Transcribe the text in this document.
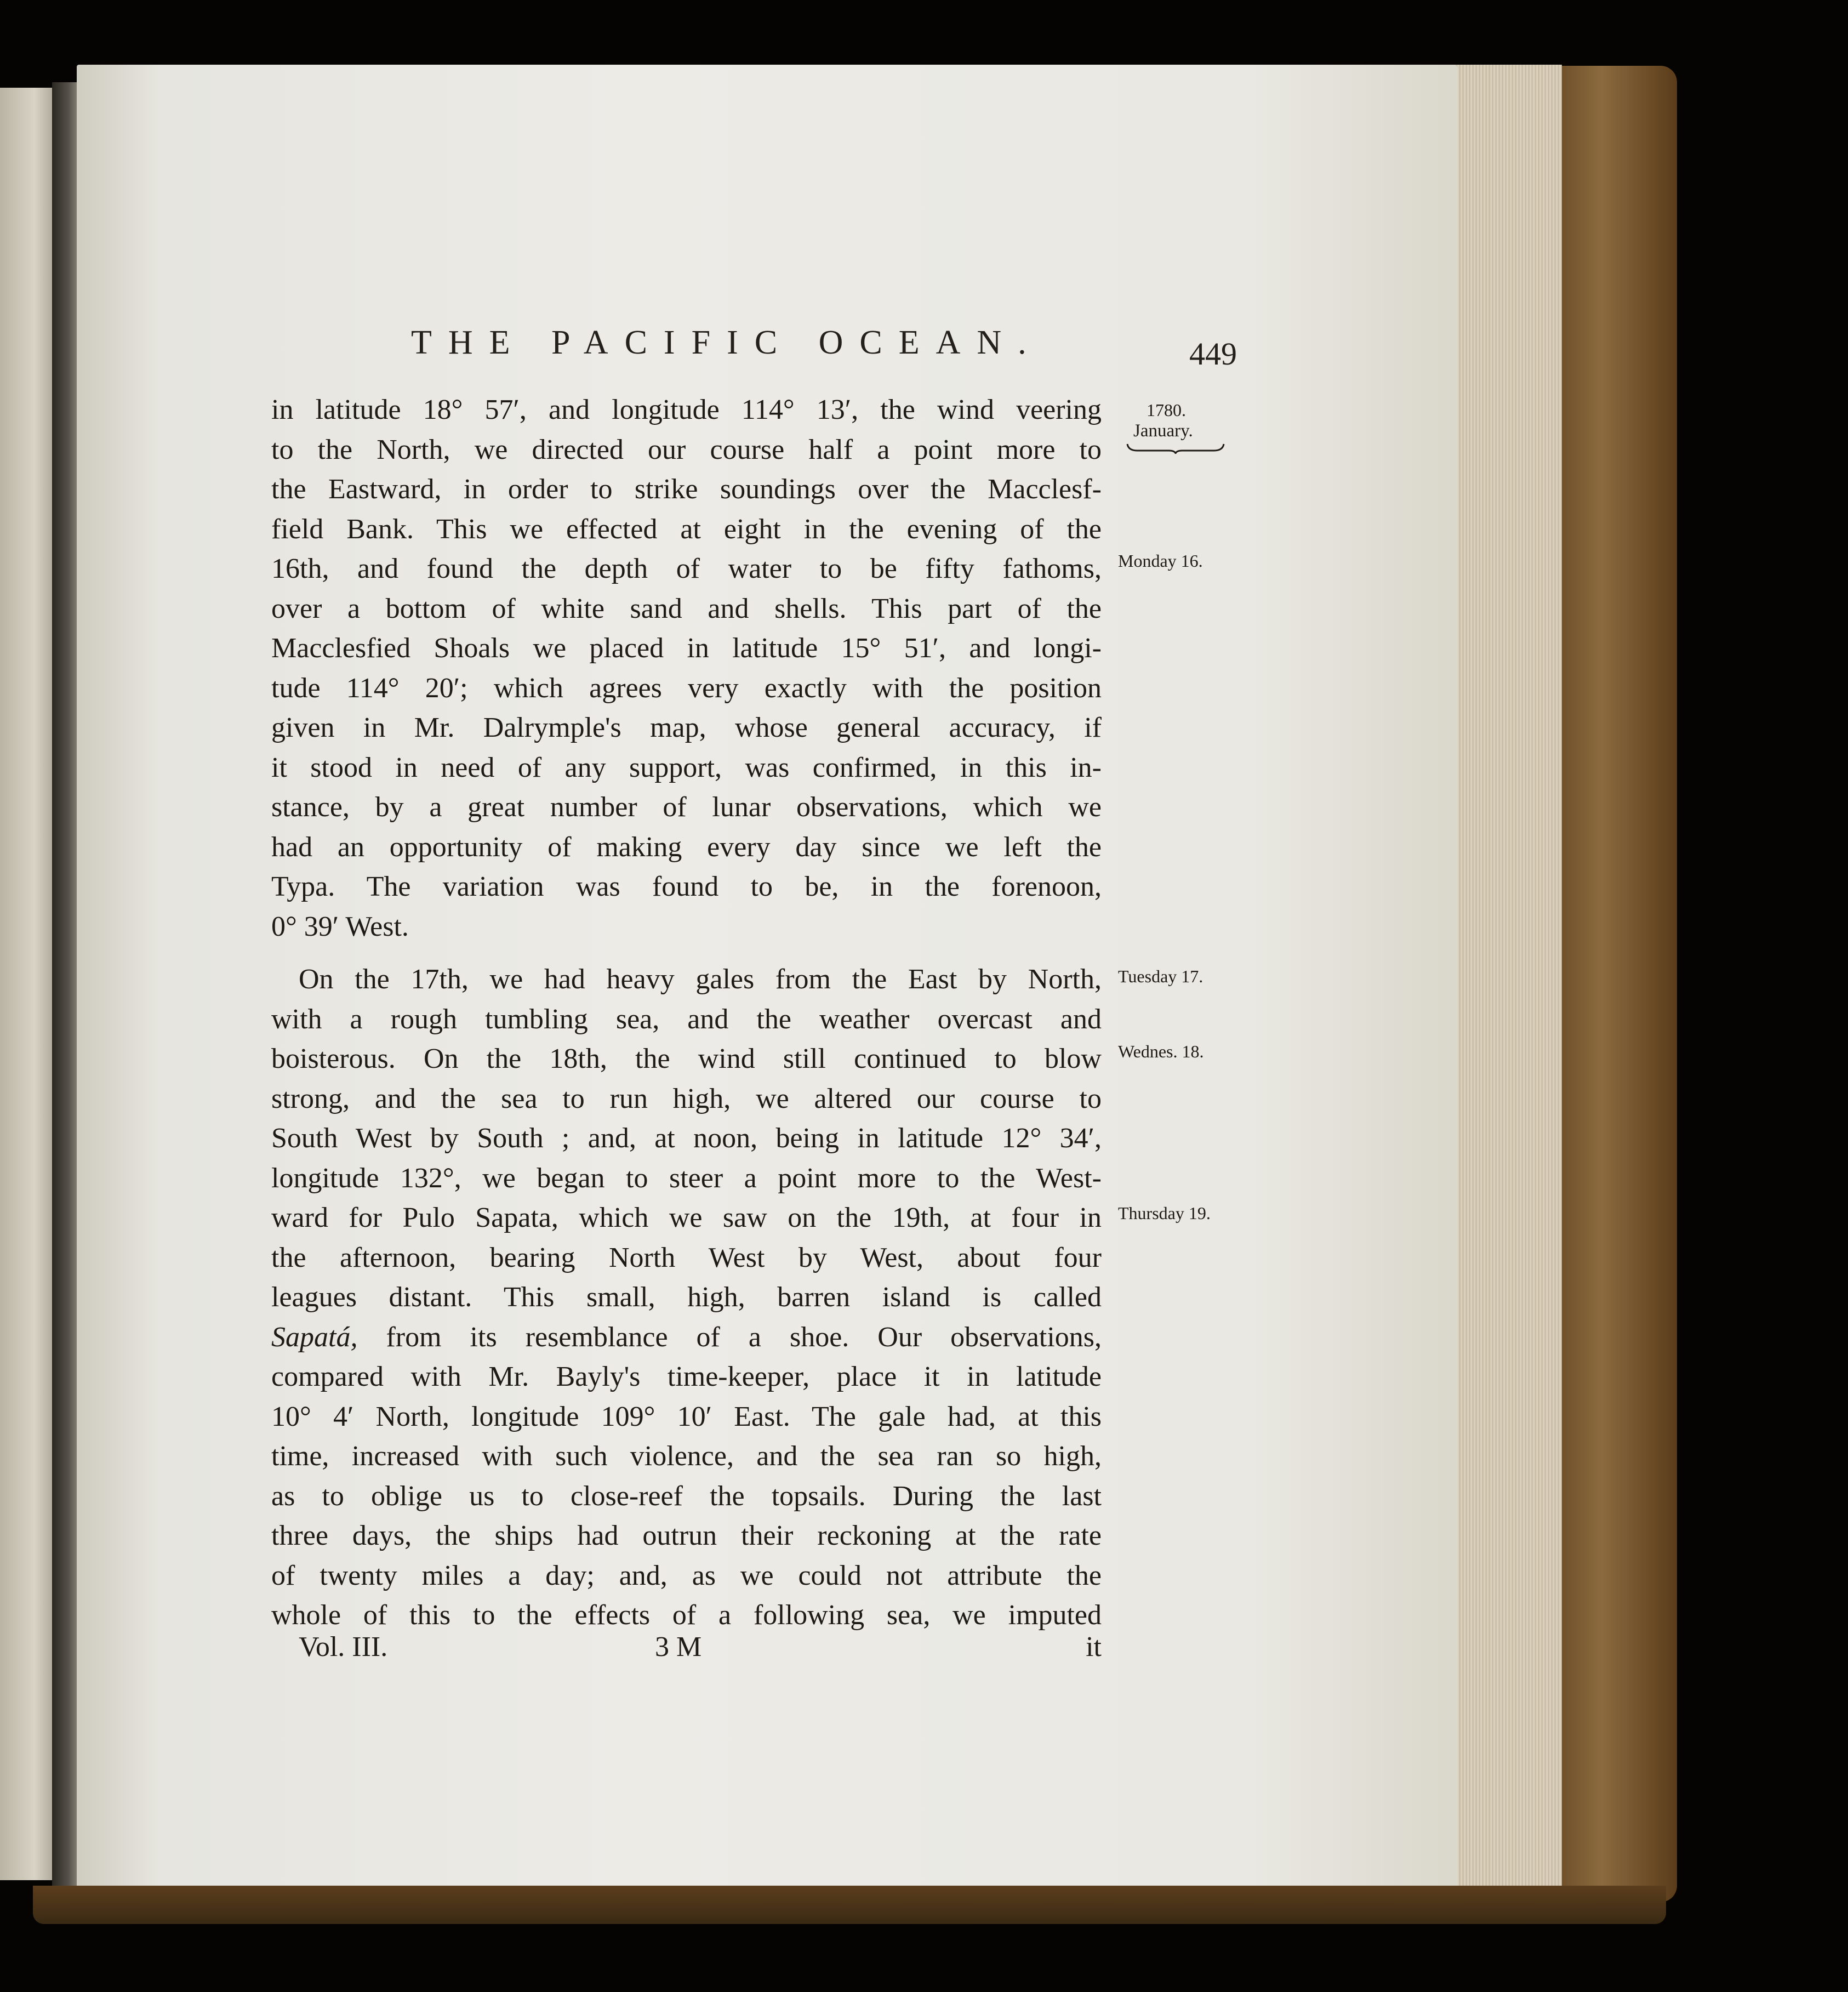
THE PACIFIC OCEAN.	449
1780.
January.
Monday 16.
Tuesday 17.
Wednes. 18.
Thursday 19.
in latitude 18° 57′, and longitude 114° 13′, the wind veering
to the North, we directed our course half a point more to
the Eastward, in order to strike soundings over the Macclesf-
field Bank. This we effected at eight in the evening of the
16th, and found the depth of water to be fifty fathoms,
over a bottom of white sand and shells. This part of the
Macclesfied Shoals we placed in latitude 15° 51′, and longi-
tude 114° 20′; which agrees very exactly with the position
given in Mr. Dalrymple's map, whose general accuracy, if
it stood in need of any support, was confirmed, in this in-
stance, by a great number of lunar observations, which we
had an opportunity of making every day since we left the
Typa. The variation was found to be, in the forenoon,
0° 39′ West.
On the 17th, we had heavy gales from the East by North,
with a rough tumbling sea, and the weather overcast and
boisterous. On the 18th, the wind still continued to blow
strong, and the sea to run high, we altered our course to
South West by South ; and, at noon, being in latitude 12° 34′,
longitude 132°, we began to steer a point more to the West-
ward for Pulo Sapata, which we saw on the 19th, at four in
the afternoon, bearing North West by West, about four
leagues distant. This small, high, barren island is called
Sapatá, from its resemblance of a shoe. Our observations,
compared with Mr. Bayly's time-keeper, place it in latitude
10° 4′ North, longitude 109° 10′ East. The gale had, at this
time, increased with such violence, and the sea ran so high,
as to oblige us to close-reef the topsails. During the last
three days, the ships had outrun their reckoning at the rate
of twenty miles a day; and, as we could not attribute the
whole of this to the effects of a following sea, we imputed
Vol. III.	3 M	it
